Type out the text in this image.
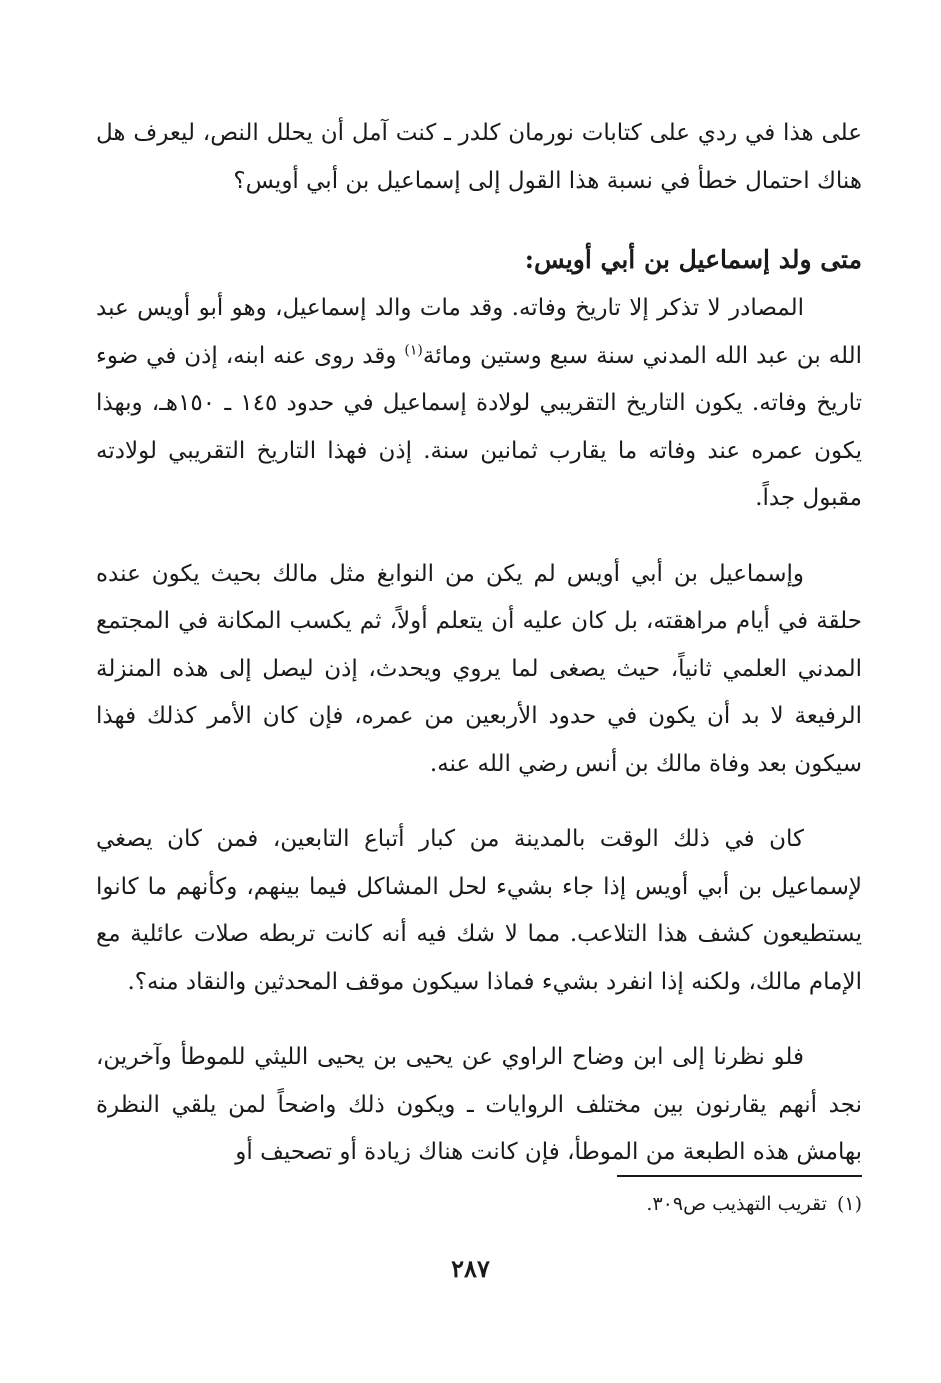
على هذا في ردي على كتابات نورمان كلدر ـ كنت آمل أن يحلل النص، ليعرف هل هناك احتمال خطأ في نسبة هذا القول إلى إسماعيل بن أبي أويس؟

متى ولد إسماعيل بن أبي أويس:

المصادر لا تذكر إلا تاريخ وفاته. وقد مات والد إسماعيل، وهو أبو أويس عبد الله بن عبد الله المدني سنة سبع وستين ومائة$^{(١)}$ وقد روى عنه ابنه، إذن في ضوء تاريخ وفاته. يكون التاريخ التقريبي لولادة إسماعيل في حدود ١٤٥ ـ ١٥٠هـ، وبهذا يكون عمره عند وفاته ما يقارب ثمانين سنة. إذن فهذا التاريخ التقريبي لولادته مقبول جداً.

وإسماعيل بن أبي أويس لم يكن من النوابغ مثل مالك بحيث يكون عنده حلقة في أيام مراهقته، بل كان عليه أن يتعلم أولاً، ثم يكسب المكانة في المجتمع المدني العلمي ثانياً، حيث يصغى لما يروي ويحدث، إذن ليصل إلى هذه المنزلة الرفيعة لا بد أن يكون في حدود الأربعين من عمره، فإن كان الأمر كذلك فهذا سيكون بعد وفاة مالك بن أنس رضي الله عنه.

كان في ذلك الوقت بالمدينة من كبار أتباع التابعين، فمن كان يصغي لإسماعيل بن أبي أويس إذا جاء بشيء لحل المشاكل فيما بينهم، وكأنهم ما كانوا يستطيعون كشف هذا التلاعب. مما لا شك فيه أنه كانت تربطه صلات عائلية مع الإمام مالك، ولكنه إذا انفرد بشيء فماذا سيكون موقف المحدثين والنقاد منه؟.

فلو نظرنا إلى ابن وضاح الراوي عن يحيى بن يحيى الليثي للموطأ وآخرين، نجد أنهم يقارنون بين مختلف الروايات ـ ويكون ذلك واضحاً لمن يلقي النظرة بهامش هذه الطبعة من الموطأ، فإن كانت هناك زيادة أو تصحيف أو

(١)تقريب التهذيب ص٣٠٩.
٢٨٧
